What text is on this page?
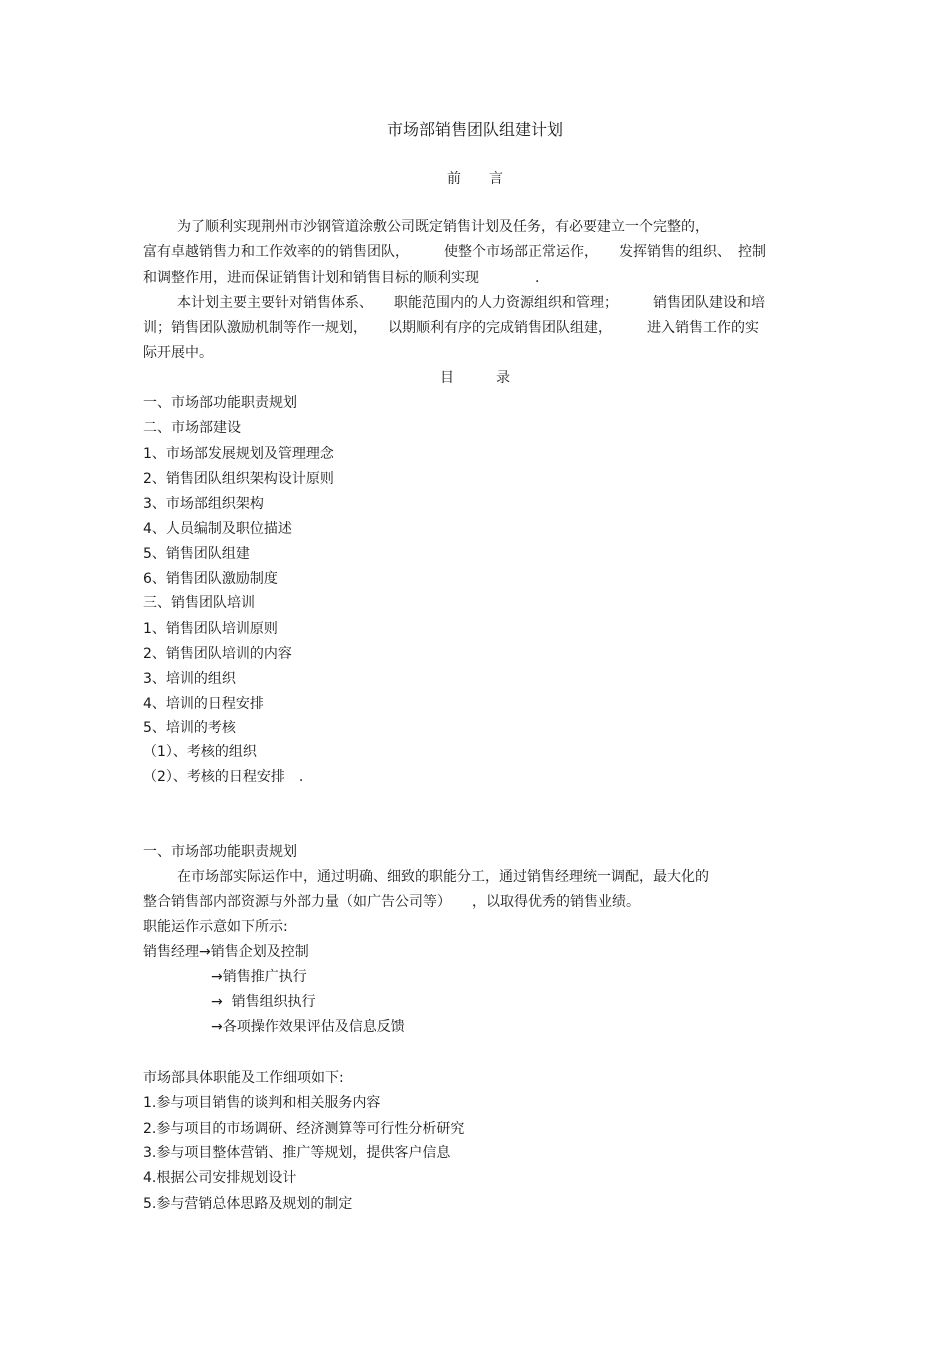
市场部销售团队组建计划
前　　言
为了顺利实现荆州市沙钢管道涂敷公司既定销售计划及任务，有必要建立一个完整的，
富有卓越销售力和工作效率的的销售团队，　　　使整个市场部正常运作，　　发挥销售的组织、　控制
和调整作用，进而保证销售计划和销售目标的顺利实现　　　　.
本计划主要主要针对销售体系、　　职能范围内的人力资源组织和管理；　　　销售团队建设和培
训；销售团队激励机制等作一规划，　　以期顺利有序的完成销售团队组建，　　　进入销售工作的实
际开展中。
目　　　录
一、市场部功能职责规划
二、市场部建设
1、市场部发展规划及管理理念
2、销售团队组织架构设计原则
3、市场部组织架构
4、人员编制及职位描述
5、销售团队组建
6、销售团队激励制度
三、销售团队培训
1、销售团队培训原则
2、销售团队培训的内容
3、培训的组织
4、培训的日程安排
5、培训的考核
（1）、考核的组织
（2）、考核的日程安排　.
一、市场部功能职责规划
在市场部实际运作中，通过明确、细致的职能分工，通过销售经理统一调配，最大化的
整合销售部内部资源与外部力量（如广告公司等）　　，以取得优秀的销售业绩。
职能运作示意如下所示:
销售经理→销售企划及控制
→销售推广执行
→  销售组织执行
→各项操作效果评估及信息反馈
市场部具体职能及工作细项如下:
1.参与项目销售的谈判和相关服务内容
2.参与项目的市场调研、经济测算等可行性分析研究
3.参与项目整体营销、推广等规划，提供客户信息
4.根据公司安排规划设计
5.参与营销总体思路及规划的制定
